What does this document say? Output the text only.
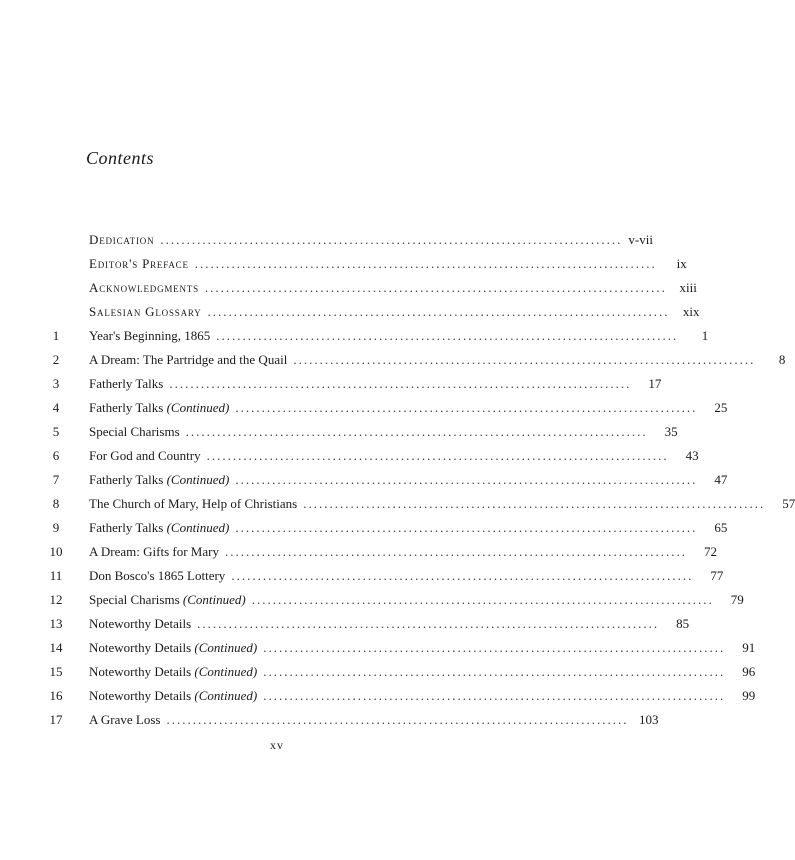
Contents
Dedication ........................................................................................ v-vii
Editor's Preface ........................................................................................	ix
Acknowledgments ........................................................................................ xiii
Salesian Glossary ........................................................................................	xix
1	Year's Beginning, 1865 ........................................................................................	1
2	A Dream: The Partridge and the Quail ........................................................................................	8
3	Fatherly Talks ........................................................................................	17
4	Fatherly Talks (Continued) ........................................................................................	25
5	Special Charisms ........................................................................................	35
6	For God and Country ........................................................................................	43
7	Fatherly Talks (Continued) ........................................................................................	47
8	The Church of Mary, Help of Christians ........................................................................................	57
9	Fatherly Talks (Continued) ........................................................................................	65
10 A Dream: Gifts for Mary ........................................................................................	72
11 Don Bosco's 1865 Lottery ........................................................................................	77
12 Special Charisms (Continued) ........................................................................................	79
13 Noteworthy Details ........................................................................................	85
14 Noteworthy Details (Continued) ........................................................................................	91
15 Noteworthy Details (Continued) ........................................................................................	96
16 Noteworthy Details (Continued) ........................................................................................	99
17 A Grave Loss ........................................................................................ 103
xv
